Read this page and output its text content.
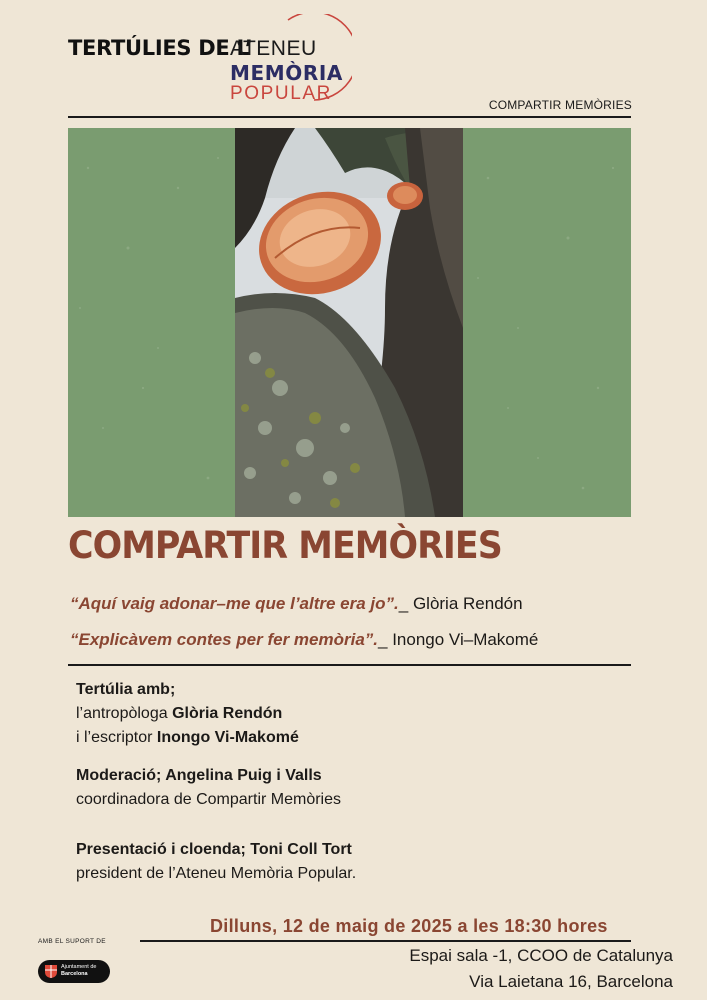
TERTÚLIES DE L’
ATENEU
MEMÒRIA
POPULAR
COMPARTIR MEMÒRIES
COMPARTIR MEMÒRIES
“Aquí vaig adonar–me que l’altre era jo”._ Glòria Rendón
“Explicàvem contes per fer memòria”._ Inongo Vi–Makomé
Tertúlia amb;
l’antropòloga Glòria Rendón
i l’escriptor Inongo Vi-Makomé
Moderació; Angelina Puig i Valls
coordinadora de Compartir Memòries
Presentació i cloenda; Toni Coll Tort
president de l’Ateneu Memòria Popular.
Dilluns, 12 de maig de 2025 a les 18:30 hores
Espai sala -1, CCOO de Catalunya
Via Laietana 16, Barcelona
AMB EL SUPORT DE
Ajuntament de
Barcelona
